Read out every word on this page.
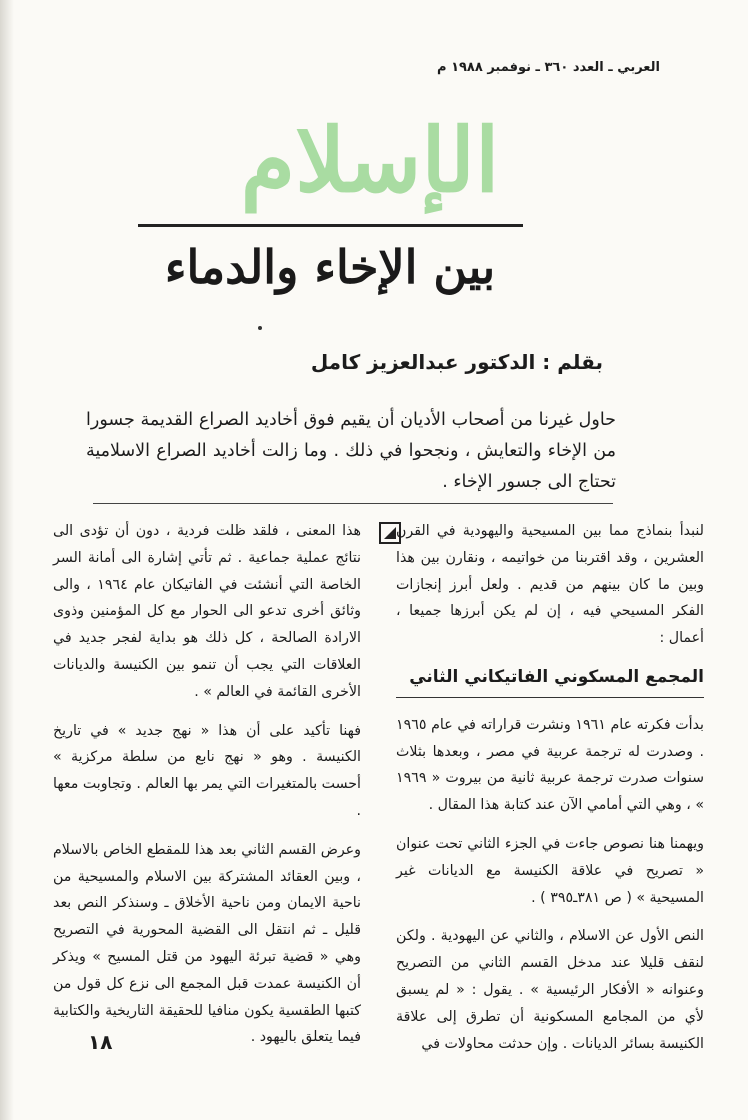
العربي ـ العدد ٣٦٠ ـ نوفمبر ١٩٨٨ م
الإسلام
بين الإخاء والدماء
بقلم : الدكتور عبدالعزيز كامل
حاول غيرنا من أصحاب الأديان أن يقيم فوق أخاديد الصراع القديمة جسورا من الإخاء والتعايش ، ونجحوا في ذلك . وما زالت أخاديد الصراع الاسلامية تحتاج الى جسور الإخاء .

لنبدأ بنماذج مما بين المسيحية واليهودية في القرن العشرين ، وقد اقتربنا من خواتيمه ، ونقارن بين هذا وبين ما كان بينهم من قديم . ولعل أبرز إنجازات الفكر المسيحي فيه ، إن لم يكن أبرزها جميعا ، أعمال :

المجمع المسكوني الفاتيكاني الثاني

بدأت فكرته عام ١٩٦١ ونشرت قراراته في عام ١٩٦٥ . وصدرت له ترجمة عربية في مصر ، وبعدها بثلاث سنوات صدرت ترجمة عربية ثانية من بيروت « ١٩٦٩ » ، وهي التي أمامي الآن عند كتابة هذا المقال .

ويهمنا هنا نصوص جاءت في الجزء الثاني تحت عنوان « تصريح في علاقة الكنيسة مع الديانات غير المسيحية » ( ص ٣٨١ـ٣٩٥ ) .

النص الأول عن الاسلام ، والثاني عن اليهودية . ولكن لنقف قليلا عند مدخل القسم الثاني من التصريح وعنوانه « الأفكار الرئيسية » . يقول : « لم يسبق لأي من المجامع المسكونية أن تطرق إلى علاقة الكنيسة بسائر الديانات . وإن حدثت محاولات في

هذا المعنى ، فلقد ظلت فردية ، دون أن تؤدى الى نتائج عملية جماعية . ثم تأتي إشارة الى أمانة السر الخاصة التي أنشئت في الفاتيكان عام ١٩٦٤ ، والى وثائق أخرى تدعو الى الحوار مع كل المؤمنين وذوى الارادة الصالحة ، كل ذلك هو بداية لفجر جديد في العلاقات التي يجب أن تنمو بين الكنيسة والديانات الأخرى القائمة في العالم » .

فهنا تأكيد على أن هذا « نهج جديد » في تاريخ الكنيسة . وهو « نهج نابع من سلطة مركزية » أحست بالمتغيرات التي يمر بها العالم . وتجاوبت معها .

وعرض القسم الثاني بعد هذا للمقطع الخاص بالاسلام ، وبين العقائد المشتركة بين الاسلام والمسيحية من ناحية الايمان ومن ناحية الأخلاق ـ وسنذكر النص بعد قليل ـ ثم انتقل الى القضية المحورية في التصريح وهي « قضية تبرئة اليهود من قتل المسيح » ويذكر أن الكنيسة عمدت قبل المجمع الى نزع كل قول من كتبها الطقسية يكون منافيا للحقيقة التاريخية والكتابية فيما يتعلق باليهود .

١٨
